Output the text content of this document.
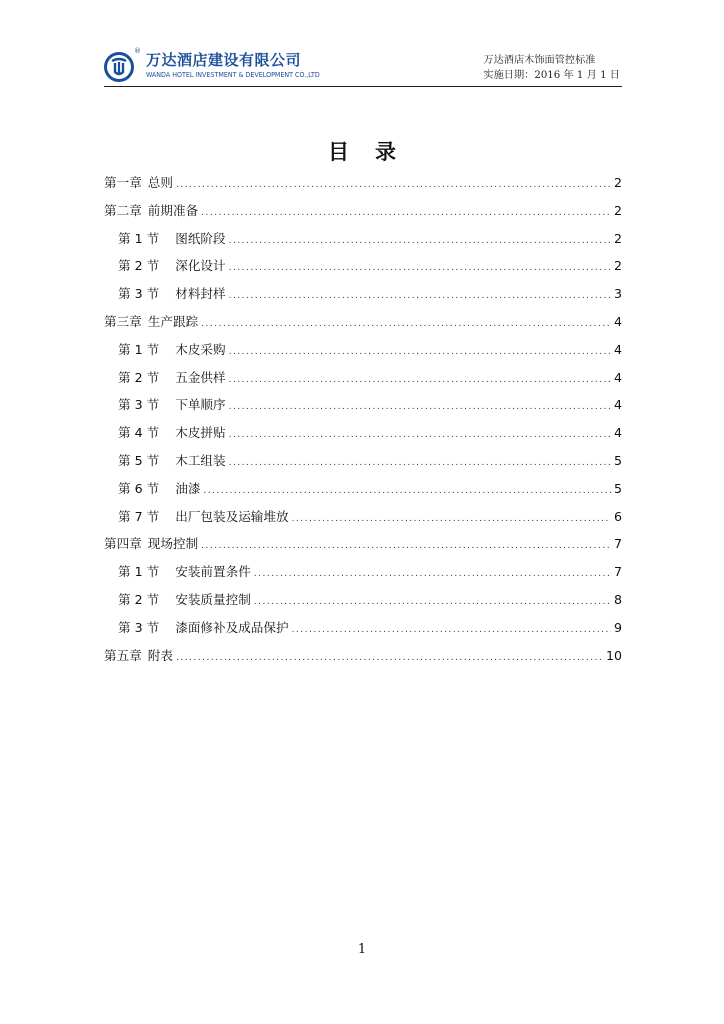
® 万达酒店建设有限公司
WANDA HOTEL INVESTMENT & DEVELOPMENT CO.,LTD
万达酒店木饰面管控标准
实施日期：2016 年 1 月 1 日
目录
第一章 总则 .....	2
第二章 前期准备 .....	2
第 1 节 图纸阶段 .....	2
第 2 节 深化设计 .....	2
第 3 节 材料封样 .....	3
第三章 生产跟踪 .....	4
第 1 节 木皮采购 .....	4
第 2 节 五金供样 .....	4
第 3 节 下单顺序 .....	4
第 4 节 木皮拼贴 .....	4
第 5 节 木工组装 .....	5
第 6 节 油漆 .....	5
第 7 节 出厂包装及运输堆放 .....	6
第四章 现场控制 .....	7
第 1 节 安装前置条件 .....	7
第 2 节 安装质量控制 .....	8
第 3 节 漆面修补及成品保护 .....	9
第五章 附表 .....	10
1
